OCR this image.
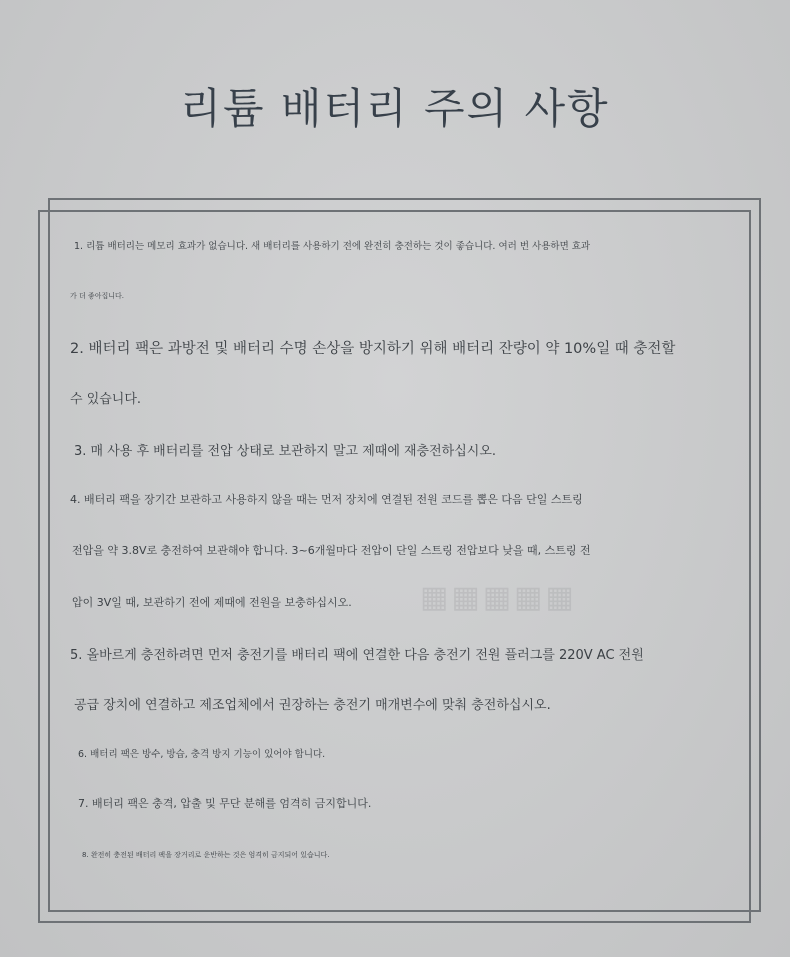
리튬 배터리 주의 사항
▦▦▦▦▦
1. 리튬 배터리는 메모리 효과가 없습니다. 새 배터리를 사용하기 전에 완전히 충전하는 것이 좋습니다. 여러 번 사용하면 효과
가 더 좋아집니다.
2. 배터리 팩은 과방전 및 배터리 수명 손상을 방지하기 위해 배터리 잔량이 약 10%일 때 충전할
수 있습니다.
3. 매 사용 후 배터리를 전압 상태로 보관하지 말고 제때에 재충전하십시오.
4. 배터리 팩을 장기간 보관하고 사용하지 않을 때는 먼저 장치에 연결된 전원 코드를 뽑은 다음 단일 스트링
전압을 약 3.8V로 충전하여 보관해야 합니다. 3~6개월마다 전압이 단일 스트링 전압보다 낮을 때, 스트링 전
압이 3V일 때, 보관하기 전에 제때에 전원을 보충하십시오.
5. 올바르게 충전하려면 먼저 충전기를 배터리 팩에 연결한 다음 충전기 전원 플러그를 220V AC 전원
공급 장치에 연결하고 제조업체에서 권장하는 충전기 매개변수에 맞춰 충전하십시오.
6. 배터리 팩은 방수, 방습, 충격 방지 기능이 있어야 합니다.
7. 배터리 팩은 충격, 압출 및 무단 분해를 엄격히 금지합니다.
8. 완전히 충전된 배터리 팩을 장거리로 운반하는 것은 엄격히 금지되어 있습니다.
